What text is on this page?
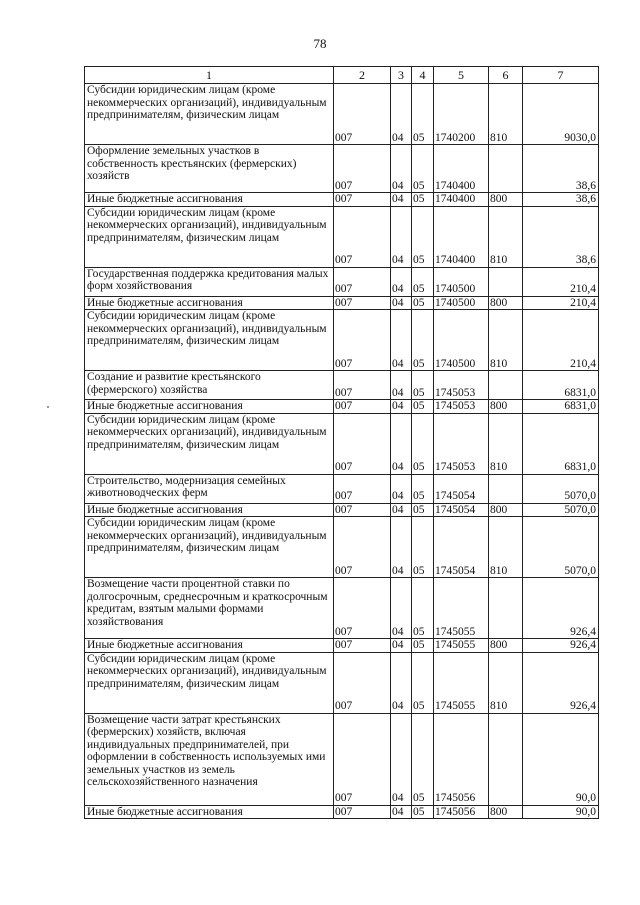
78
1	2	3	4	5	6	7
Субсидии юридическим лицам (кроме некоммерческих организаций), индивидуальным предпринимателям, физическим лицам	007	04	05	1740200	810	9030,0
Оформление земельных участков в собственность крестьянских (фермерских) хозяйств	007	04	05	1740400		38,6
Иные бюджетные ассигнования	007	04	05	1740400	800	38,6
Субсидии юридическим лицам (кроме некоммерческих организаций), индивидуальным предпринимателям, физическим лицам	007	04	05	1740400	810	38,6
Государственная поддержка кредитования малых форм хозяйствования	007	04	05	1740500		210,4
Иные бюджетные ассигнования	007	04	05	1740500	800	210,4
Субсидии юридическим лицам (кроме некоммерческих организаций), индивидуальным предпринимателям, физическим лицам	007	04	05	1740500	810	210,4
Создание и развитие крестьянского (фермерского) хозяйства	007	04	05	1745053		6831,0
Иные бюджетные ассигнования	007	04	05	1745053	800	6831,0
Субсидии юридическим лицам (кроме некоммерческих организаций), индивидуальным предпринимателям, физическим лицам	007	04	05	1745053	810	6831,0
Строительство, модернизация семейных животноводческих ферм	007	04	05	1745054		5070,0
Иные бюджетные ассигнования	007	04	05	1745054	800	5070,0
Субсидии юридическим лицам (кроме некоммерческих организаций), индивидуальным предпринимателям, физическим лицам	007	04	05	1745054	810	5070,0
Возмещение части процентной ставки по долгосрочным, среднесрочным и краткосрочным кредитам, взятым малыми формами хозяйствования	007	04	05	1745055		926,4
Иные бюджетные ассигнования	007	04	05	1745055	800	926,4
Субсидии юридическим лицам (кроме некоммерческих организаций), индивидуальным предпринимателям, физическим лицам	007	04	05	1745055	810	926,4
Возмещение части затрат крестьянских (фермерских) хозяйств, включая индивидуальных предпринимателей, при оформлении в собственность используемых ими земельных участков из земель сельскохозяйственного назначения	007	04	05	1745056		90,0
Иные бюджетные ассигнования	007	04	05	1745056	800	90,0
